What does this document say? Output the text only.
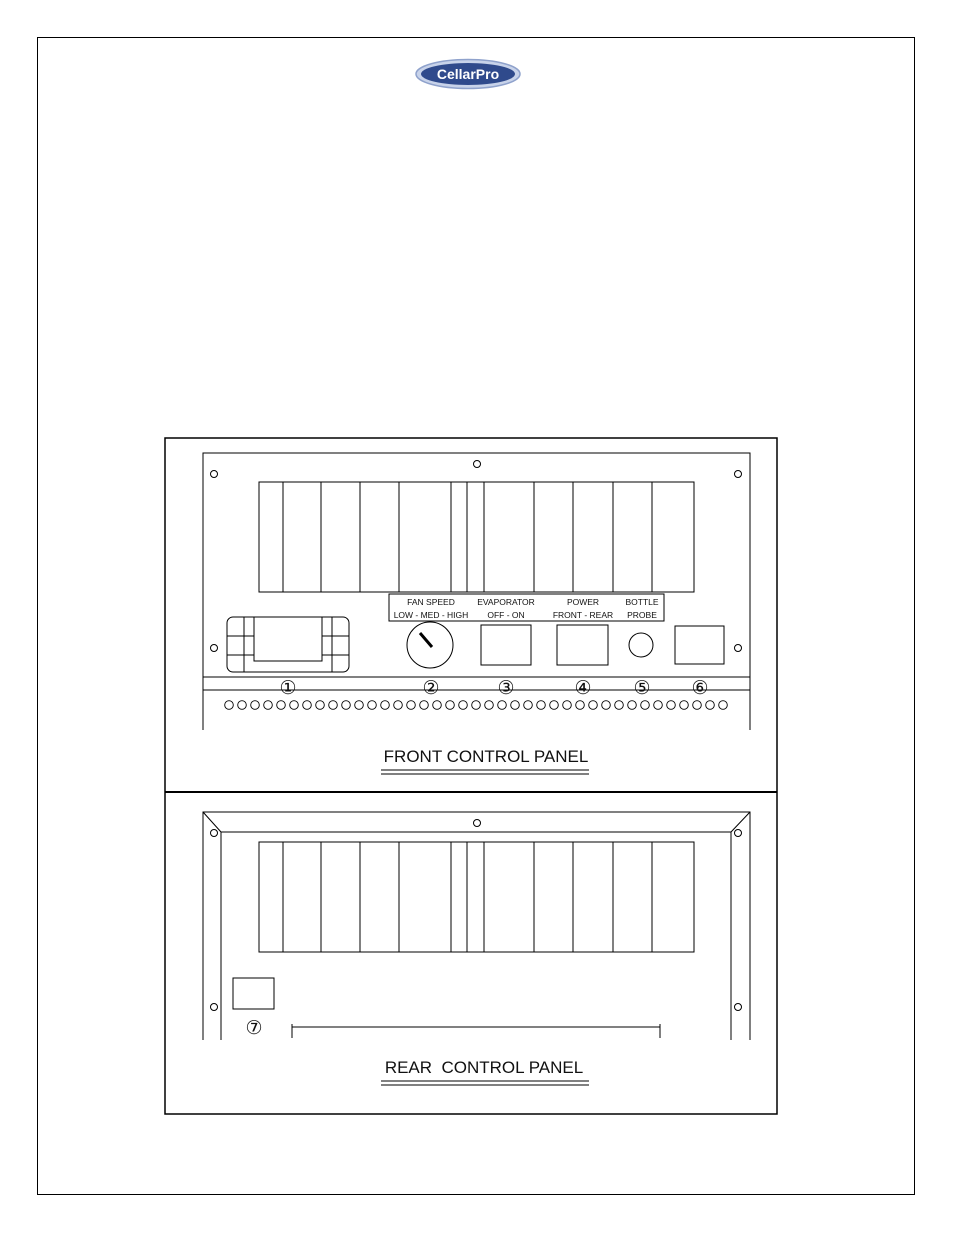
CellarPro
FAN SPEED
LOW - MED - HIGH
EVAPORATOR
OFF - ON
POWER
FRONT - REAR
BOTTLE
PROBE
①	②	③	④ ⑤ ⑥
FRONT CONTROL PANEL
⑦
REAR  CONTROL PANEL
